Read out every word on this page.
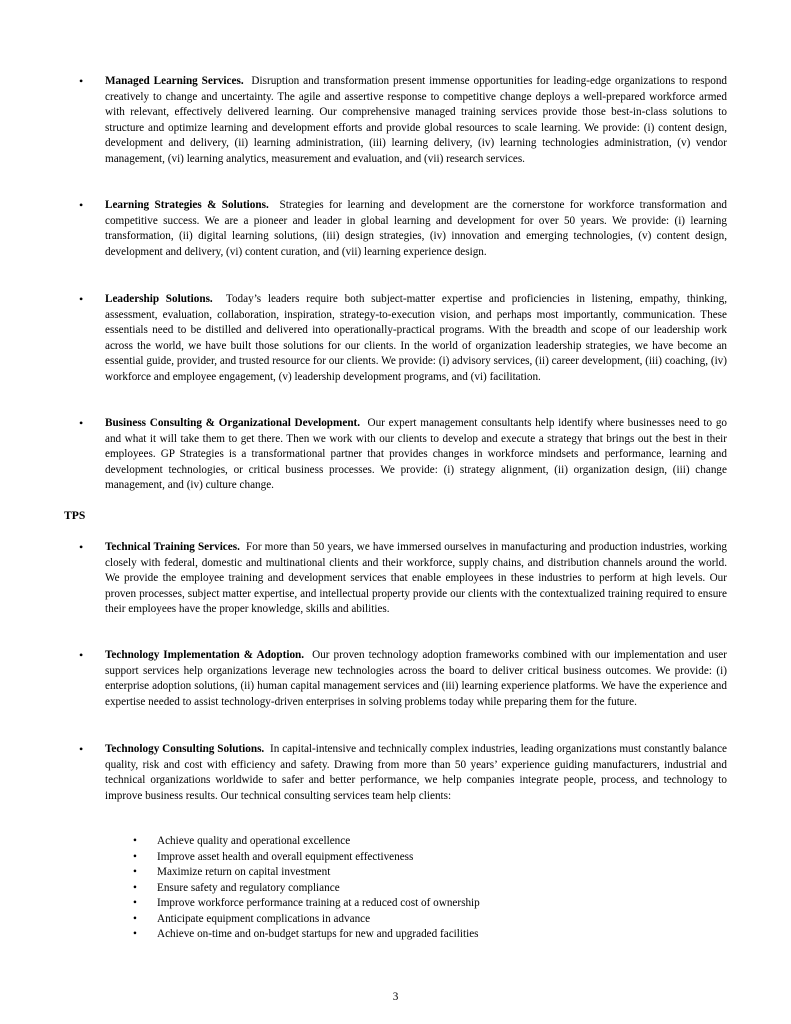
• Managed Learning Services. Disruption and transformation present immense opportunities for leading-edge organizations to respond creatively to change and uncertainty. The agile and assertive response to competitive change deploys a well-prepared workforce armed with relevant, effectively delivered learning. Our comprehensive managed training services provide those best-in-class solutions to structure and optimize learning and development efforts and provide global resources to scale learning. We provide: (i) content design, development and delivery, (ii) learning administration, (iii) learning delivery, (iv) learning technologies administration, (v) vendor management, (vi) learning analytics, measurement and evaluation, and (vii) research services.
• Learning Strategies & Solutions. Strategies for learning and development are the cornerstone for workforce transformation and competitive success. We are a pioneer and leader in global learning and development for over 50 years. We provide: (i) learning transformation, (ii) digital learning solutions, (iii) design strategies, (iv) innovation and emerging technologies, (v) content design, development and delivery, (vi) content curation, and (vii) learning experience design.
• Leadership Solutions. Today’s leaders require both subject-matter expertise and proficiencies in listening, empathy, thinking, assessment, evaluation, collaboration, inspiration, strategy-to-execution vision, and perhaps most importantly, communication. These essentials need to be distilled and delivered into operationally-practical programs. With the breadth and scope of our leadership work across the world, we have built those solutions for our clients. In the world of organization leadership strategies, we have become an essential guide, provider, and trusted resource for our clients. We provide: (i) advisory services, (ii) career development, (iii) coaching, (iv) workforce and employee engagement, (v) leadership development programs, and (vi) facilitation.
• Business Consulting & Organizational Development. Our expert management consultants help identify where businesses need to go and what it will take them to get there. Then we work with our clients to develop and execute a strategy that brings out the best in their employees. GP Strategies is a transformational partner that provides changes in workforce mindsets and performance, learning and development technologies, or critical business processes. We provide: (i) strategy alignment, (ii) organization design, (iii) change management, and (iv) culture change.
TPS
• Technical Training Services. For more than 50 years, we have immersed ourselves in manufacturing and production industries, working closely with federal, domestic and multinational clients and their workforce, supply chains, and distribution channels around the world. We provide the employee training and development services that enable employees in these industries to perform at high levels. Our proven processes, subject matter expertise, and intellectual property provide our clients with the contextualized training required to ensure their employees have the proper knowledge, skills and abilities.
• Technology Implementation & Adoption. Our proven technology adoption frameworks combined with our implementation and user support services help organizations leverage new technologies across the board to deliver critical business outcomes. We provide: (i) enterprise adoption solutions, (ii) human capital management services and (iii) learning experience platforms. We have the experience and expertise needed to assist technology-driven enterprises in solving problems today while preparing them for the future.
• Technology Consulting Solutions. In capital-intensive and technically complex industries, leading organizations must constantly balance quality, risk and cost with efficiency and safety. Drawing from more than 50 years’ experience guiding manufacturers, industrial and technical organizations worldwide to safer and better performance, we help companies integrate people, process, and technology to improve business results. Our technical consulting services team help clients:
• Achieve quality and operational excellence
• Improve asset health and overall equipment effectiveness
• Maximize return on capital investment
• Ensure safety and regulatory compliance
• Improve workforce performance training at a reduced cost of ownership
• Anticipate equipment complications in advance
• Achieve on-time and on-budget startups for new and upgraded facilities
3
